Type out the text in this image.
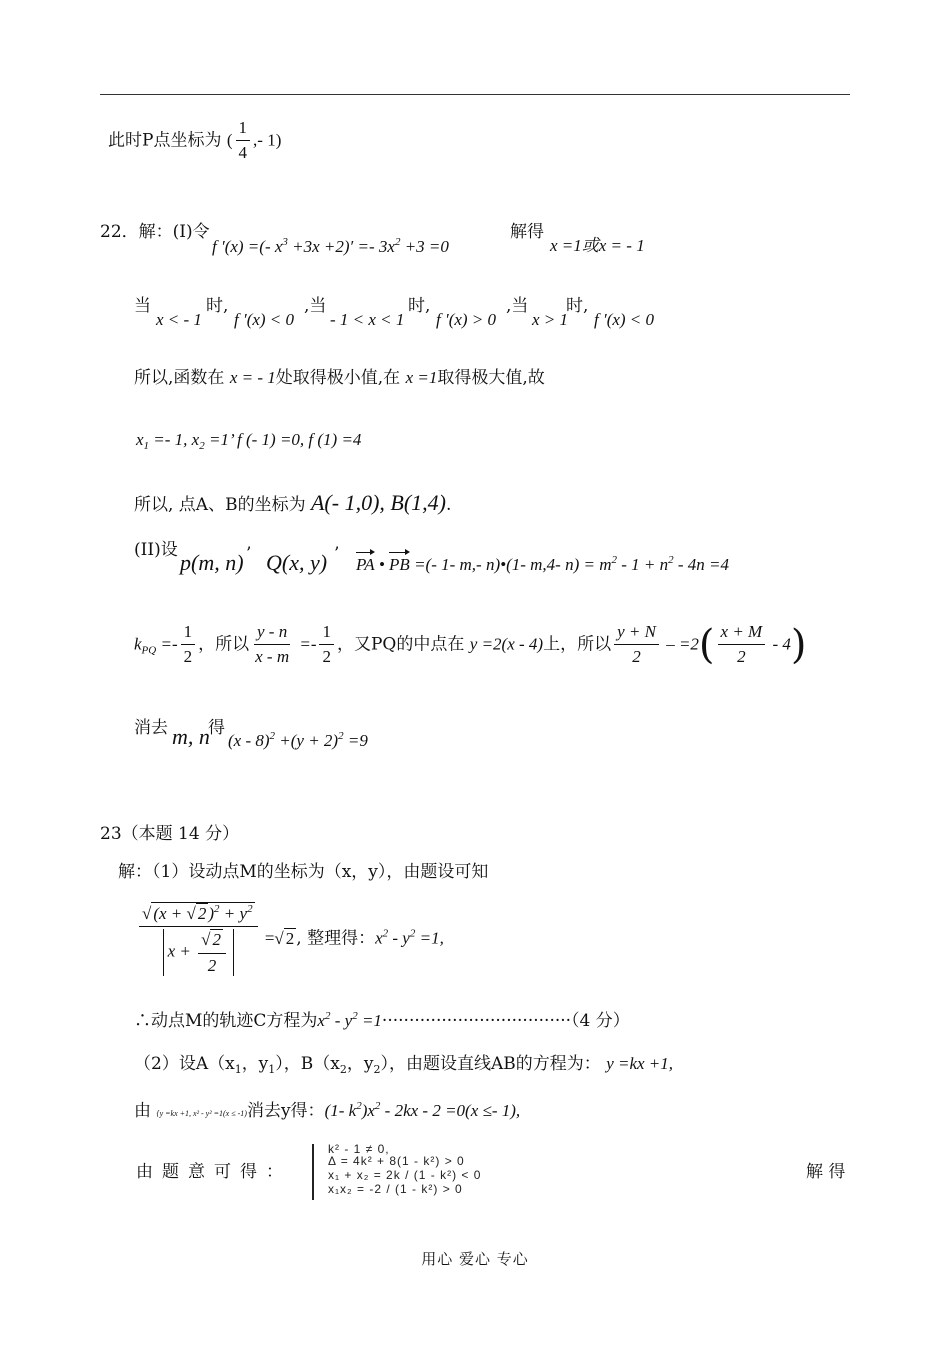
此时P点坐标为 ( $\frac{1}{4}$ ,- 1)
22．解：(I)令
f ′(x) =(- $x^3 +3x +2)' =- 3x^2 +3 =0$
解得
x =1或x = - 1
当
x < - 1
时,
f ′(x) < 0
,当
- 1 < x < 1
时,
f ′(x) > 0
,当
x > 1
时,
f ′(x) < 0
所以,函数在 x = - 1处取得极小值,在 x =1取得极大值,故
$x_1 =- 1$, $x_2 =1$’ f (- 1) =0, f (1) =4
所以, 点A、B的坐标为 A(- 1,0), B(1,4).
(II)设 p(m, n) ’ Q(x, y) ’
PA • PB =(- 1- m,- n)•(1- m,4- $n) = m^2 - 1 + n^2 - 4n =4$
$k_{PQ} =- \frac{1}{2}$ ，所以 $\frac{y - n}{x - m} =- \frac{1}{2}$ ，又PQ的中点在 y =2(x - 4)上，所以 $\frac{y + N}{2} - =2( \frac{x + M}{2} - 4)$
消去 m, n
得
$(x - 8)^2 +(y + 2)^2 =9$
23（本题 14 分）
解：（1）设动点M的坐标为（x，y），由题设可知
$\frac{√ (x + √ 2 )^2 + y^2}{x + \frac{√ 2}{2}}$ =√ 2 , 整理得：$x^2 - y^2 =1$,
∴动点M的轨迹C方程为$x^2 - y^2 =1\cdot\cdot\cdot\cdot\cdot\cdot\cdot\cdot\cdot\cdot\cdot\cdot\cdot\cdot\cdot\cdot\cdot\cdot\cdot\cdot\cdot\cdot\cdot\cdot\cdot\cdot\cdot\cdot\cdot\cdot\cdot\cdot\cdot\cdot\cdot(4$ 分）
（2）设$A(x_1$，$y_1$），$B(x_2$，$y_2$），由题设直线AB的方程为： y =kx +1,
由 {y =kx +1, x² - y² =1(x ≤ -1)消去y得：(1- $k^2)x^2 - 2kx - 2 =0(x \le- 1)$,
由题意可得：
k² - 1 ≠ 0,
Δ = 4k² + 8(1 - k²) > 0
x₁ + x₂ = 2k / (1 - k²) < 0
x₁x₂ = -2 / (1 - k²) > 0
解 得
用心 爱心 专心
